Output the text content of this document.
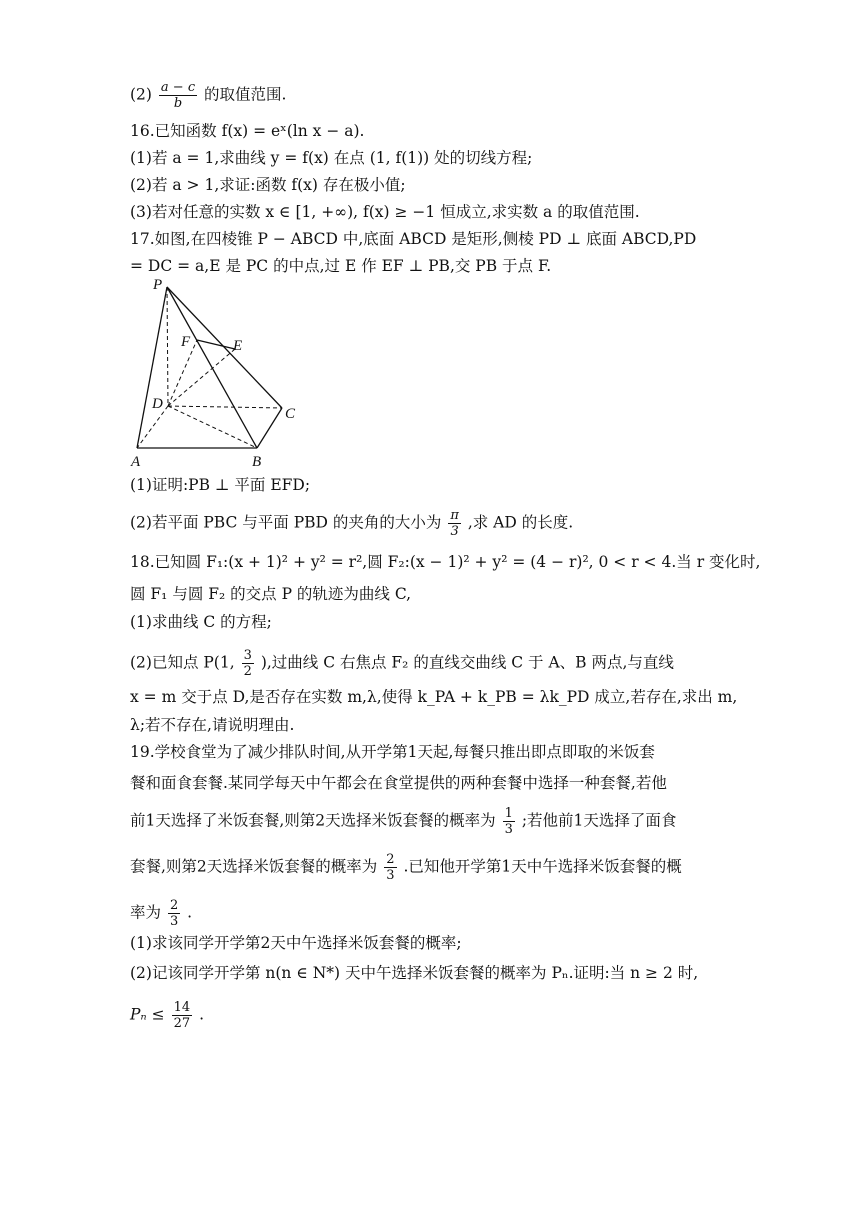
$(2) \frac{a - c}{b}$ 的取值范围.
16.已知函数 f(x) = eˣ(ln x − a).
(1)若 a = 1,求曲线 y = f(x) 在点 (1, f(1)) 处的切线方程;
(2)若 a > 1,求证:函数 f(x) 存在极小值;
(3)若对任意的实数 x ∈ [1, +∞), f(x) ≥ −1 恒成立,求实数 a 的取值范围.
17.如图,在四棱锥 P − ABCD 中,底面 ABCD 是矩形,侧棱 PD ⊥ 底面 ABCD,PD
= DC = a,E 是 PC 的中点,过 E 作 EF ⊥ PB,交 PB 于点 F.
P
F	E
D
C
A	B
(1)证明:PB ⊥ 平面 EFD;
(2)若平面 PBC 与平面 PBD 的夹角的大小为 $\frac{\pi}{3}$ ,求 AD 的长度.
18.已知圆 F₁:(x + 1)² + y² = r²,圆 F₂:(x − 1)² + y² = (4 − r)², 0 < r < 4.当 r 变化时,
圆 F₁ 与圆 F₂ 的交点 P 的轨迹为曲线 C,
(1)求曲线 C 的方程;
(2)已知点 P(1, $\frac{3}{2}$ ),过曲线 C 右焦点 F₂ 的直线交曲线 C 于 A、B 两点,与直线
x = m 交于点 D,是否存在实数 m,λ,使得 k_PA + k_PB = λk_PD 成立,若存在,求出 m,
λ;若不存在,请说明理由.
19.学校食堂为了减少排队时间,从开学第1天起,每餐只推出即点即取的米饭套
餐和面食套餐.某同学每天中午都会在食堂提供的两种套餐中选择一种套餐,若他
前1天选择了米饭套餐,则第2天选择米饭套餐的概率为 $\frac{1}{3}$ ;若他前1天选择了面食
套餐,则第2天选择米饭套餐的概率为 $\frac{2}{3}$ .已知他开学第1天中午选择米饭套餐的概
率为 $\frac{2}{3}$ .
(1)求该同学开学第2天中午选择米饭套餐的概率;
(2)记该同学开学第 n(n ∈ N*) 天中午选择米饭套餐的概率为 Pₙ.证明:当 n ≥ 2 时,
$P_n \le \frac{14}{27}$ .
